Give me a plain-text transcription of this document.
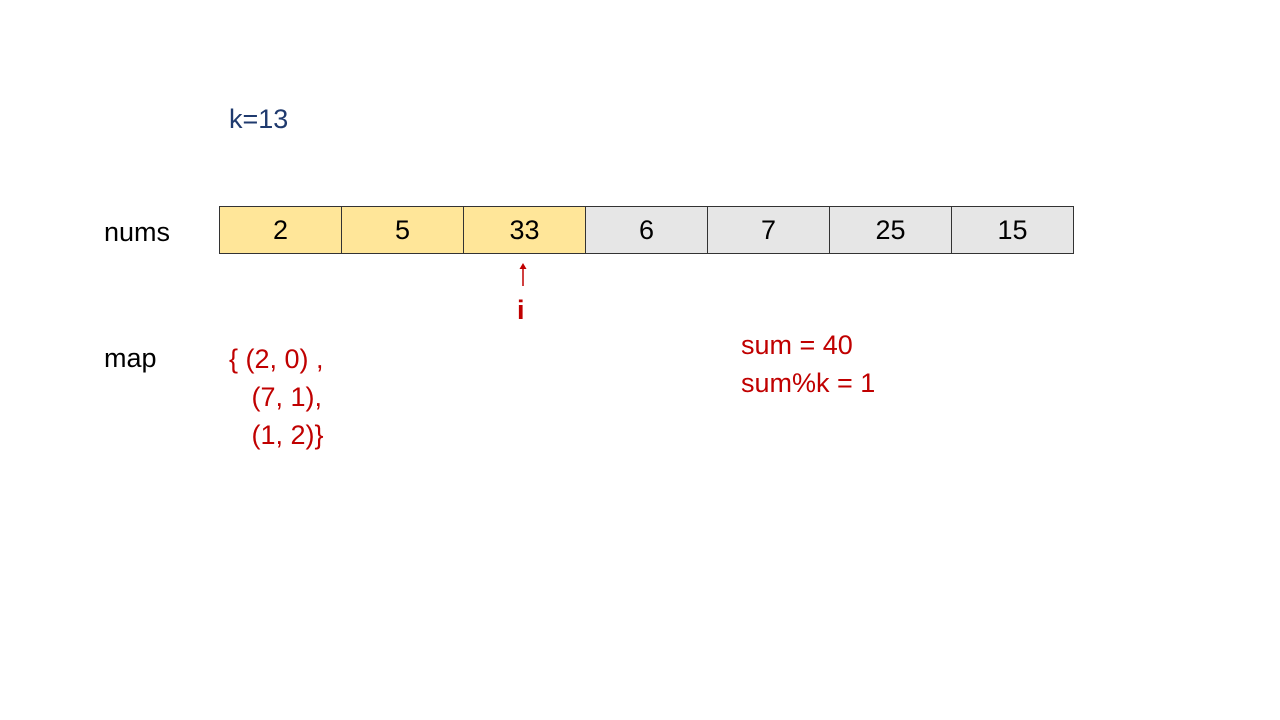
k=13
nums	2	5	33	6	7	25	15
i
map	{ (2, 0) ,
(7, 1),
(1, 2)}
sum = 40
sum%k = 1
